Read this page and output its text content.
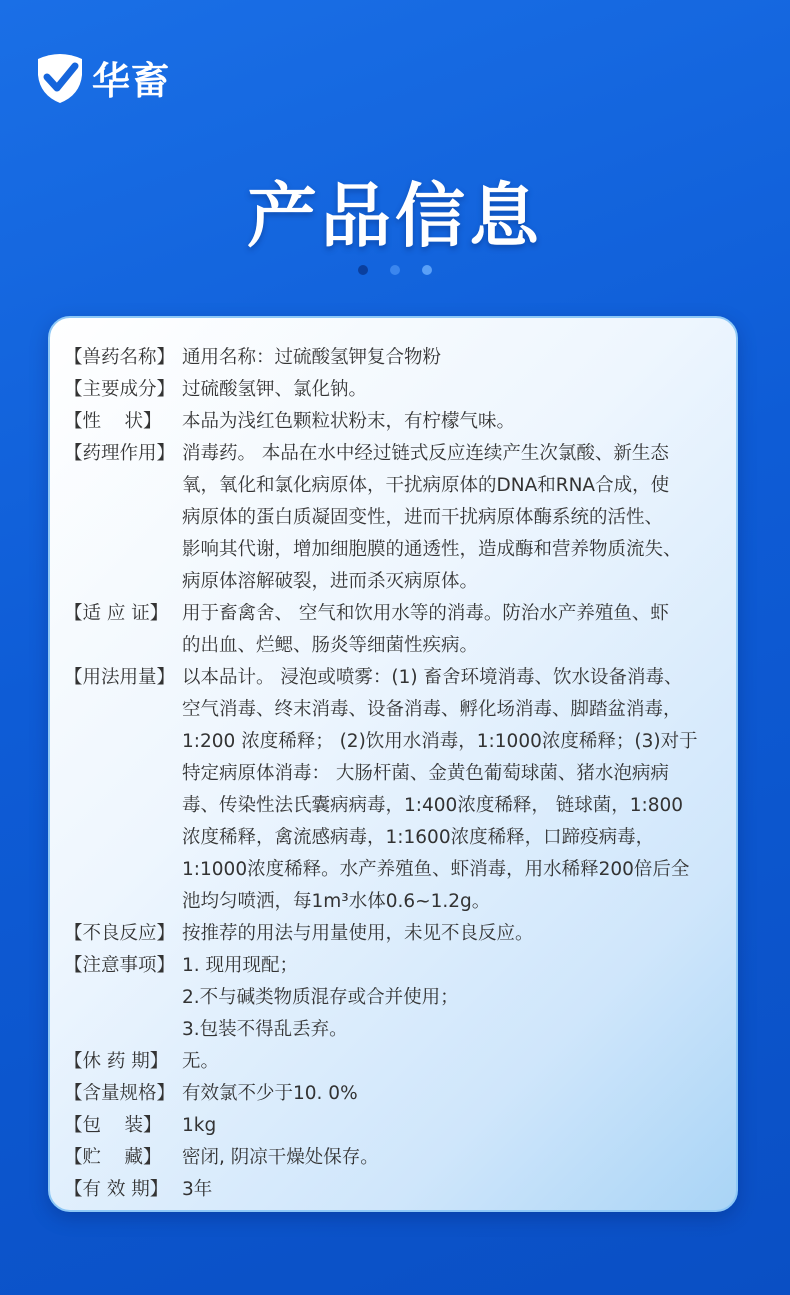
华畜
产品信息
【兽药名称】 通用名称：过硫酸氢钾复合物粉
【主要成分】 过硫酸氢钾、氯化钠。
【性    状】	本品为浅红色颗粒状粉末，有柠檬气味。
【药理作用】 消毒药。 本品在水中经过链式反应连续产生次氯酸、新生态
氧，氧化和氯化病原体，干扰病原体的DNA和RNA合成，使
病原体的蛋白质凝固变性，进而干扰病原体酶系统的活性、
影响其代谢，增加细胞膜的通透性，造成酶和营养物质流失、
病原体溶解破裂，进而杀灭病原体。
【适 应 证】 用于畜禽舍、 空气和饮用水等的消毒。防治水产养殖鱼、虾
的出血、烂鳃、肠炎等细菌性疾病。
【用法用量】 以本品计。 浸泡或喷雾：(1) 畜舍环境消毒、饮水设备消毒、
空气消毒、终末消毒、设备消毒、孵化场消毒、脚踏盆消毒，
1:200 浓度稀释； (2)饮用水消毒，1:1000浓度稀释；(3)对于
特定病原体消毒： 大肠杆菌、金黄色葡萄球菌、猪水泡病病
毒、传染性法氏囊病病毒，1:400浓度稀释， 链球菌，1:800
浓度稀释，禽流感病毒，1:1600浓度稀释，口蹄疫病毒，
1:1000浓度稀释。水产养殖鱼、虾消毒，用水稀释200倍后全
池均匀喷洒，每1m³水体0.6~1.2g。
【不良反应】 按推荐的用法与用量使用，未见不良反应。
【注意事项】 1. 现用现配；
2.不与碱类物质混存或合并使用；
3.包装不得乱丢弃。
【休 药 期】 无。
【含量规格】 有效氯不少于10. 0%
【包    装】	1kg
【贮    藏】	密闭, 阴凉干燥处保存。
【有 效 期】 3年
